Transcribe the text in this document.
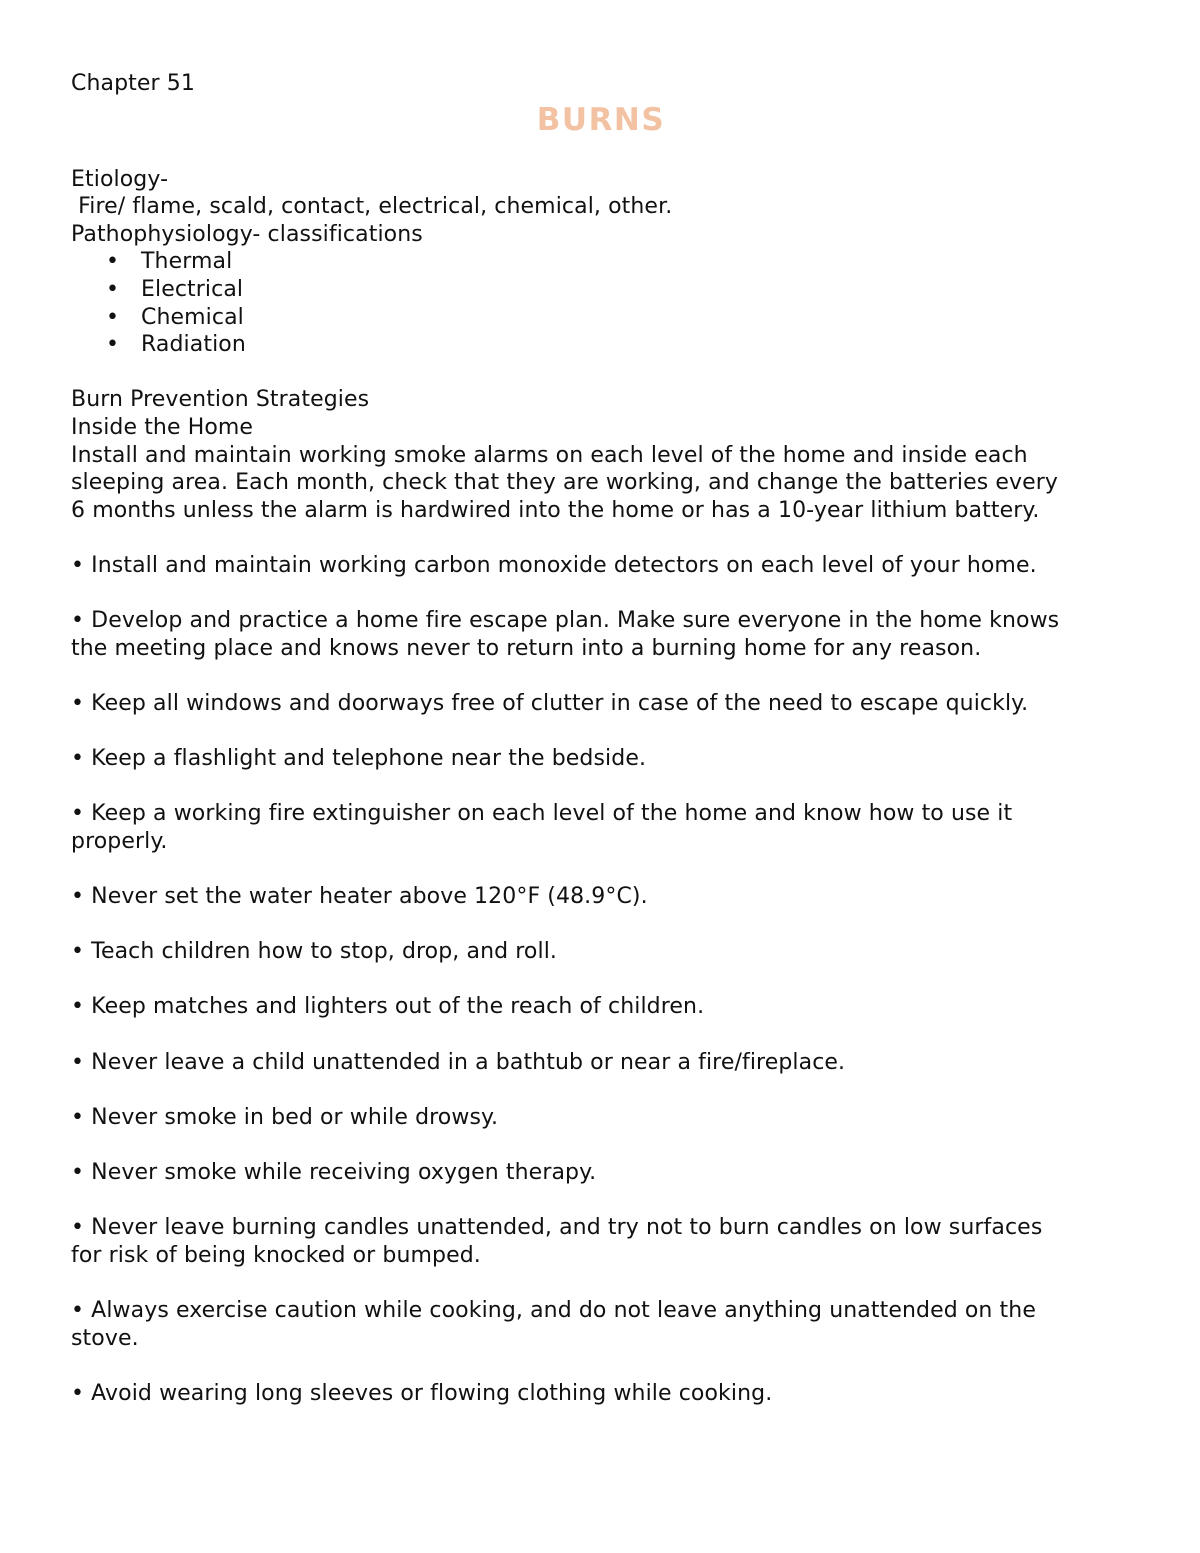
Chapter 51

BURNS

Etiology-

Fire/ flame, scald, contact, electrical, chemical, other.

Pathophysiology- classifications

• Thermal
• Electrical
• Chemical
• Radiation

Burn Prevention Strategies

Inside the Home

Install and maintain working smoke alarms on each level of the home and inside each

sleeping area. Each month, check that they are working, and change the batteries every

6 months unless the alarm is hardwired into the home or has a 10-year lithium battery.

• Install and maintain working carbon monoxide detectors on each level of your home.

• Develop and practice a home fire escape plan. Make sure everyone in the home knows

the meeting place and knows never to return into a burning home for any reason.

• Keep all windows and doorways free of clutter in case of the need to escape quickly.

• Keep a flashlight and telephone near the bedside.

• Keep a working fire extinguisher on each level of the home and know how to use it

properly.

• Never set the water heater above 120°F (48.9°C).

• Teach children how to stop, drop, and roll.

• Keep matches and lighters out of the reach of children.

• Never leave a child unattended in a bathtub or near a fire/fireplace.

• Never smoke in bed or while drowsy.

• Never smoke while receiving oxygen therapy.

• Never leave burning candles unattended, and try not to burn candles on low surfaces

for risk of being knocked or bumped.

• Always exercise caution while cooking, and do not leave anything unattended on the

stove.

• Avoid wearing long sleeves or flowing clothing while cooking.
